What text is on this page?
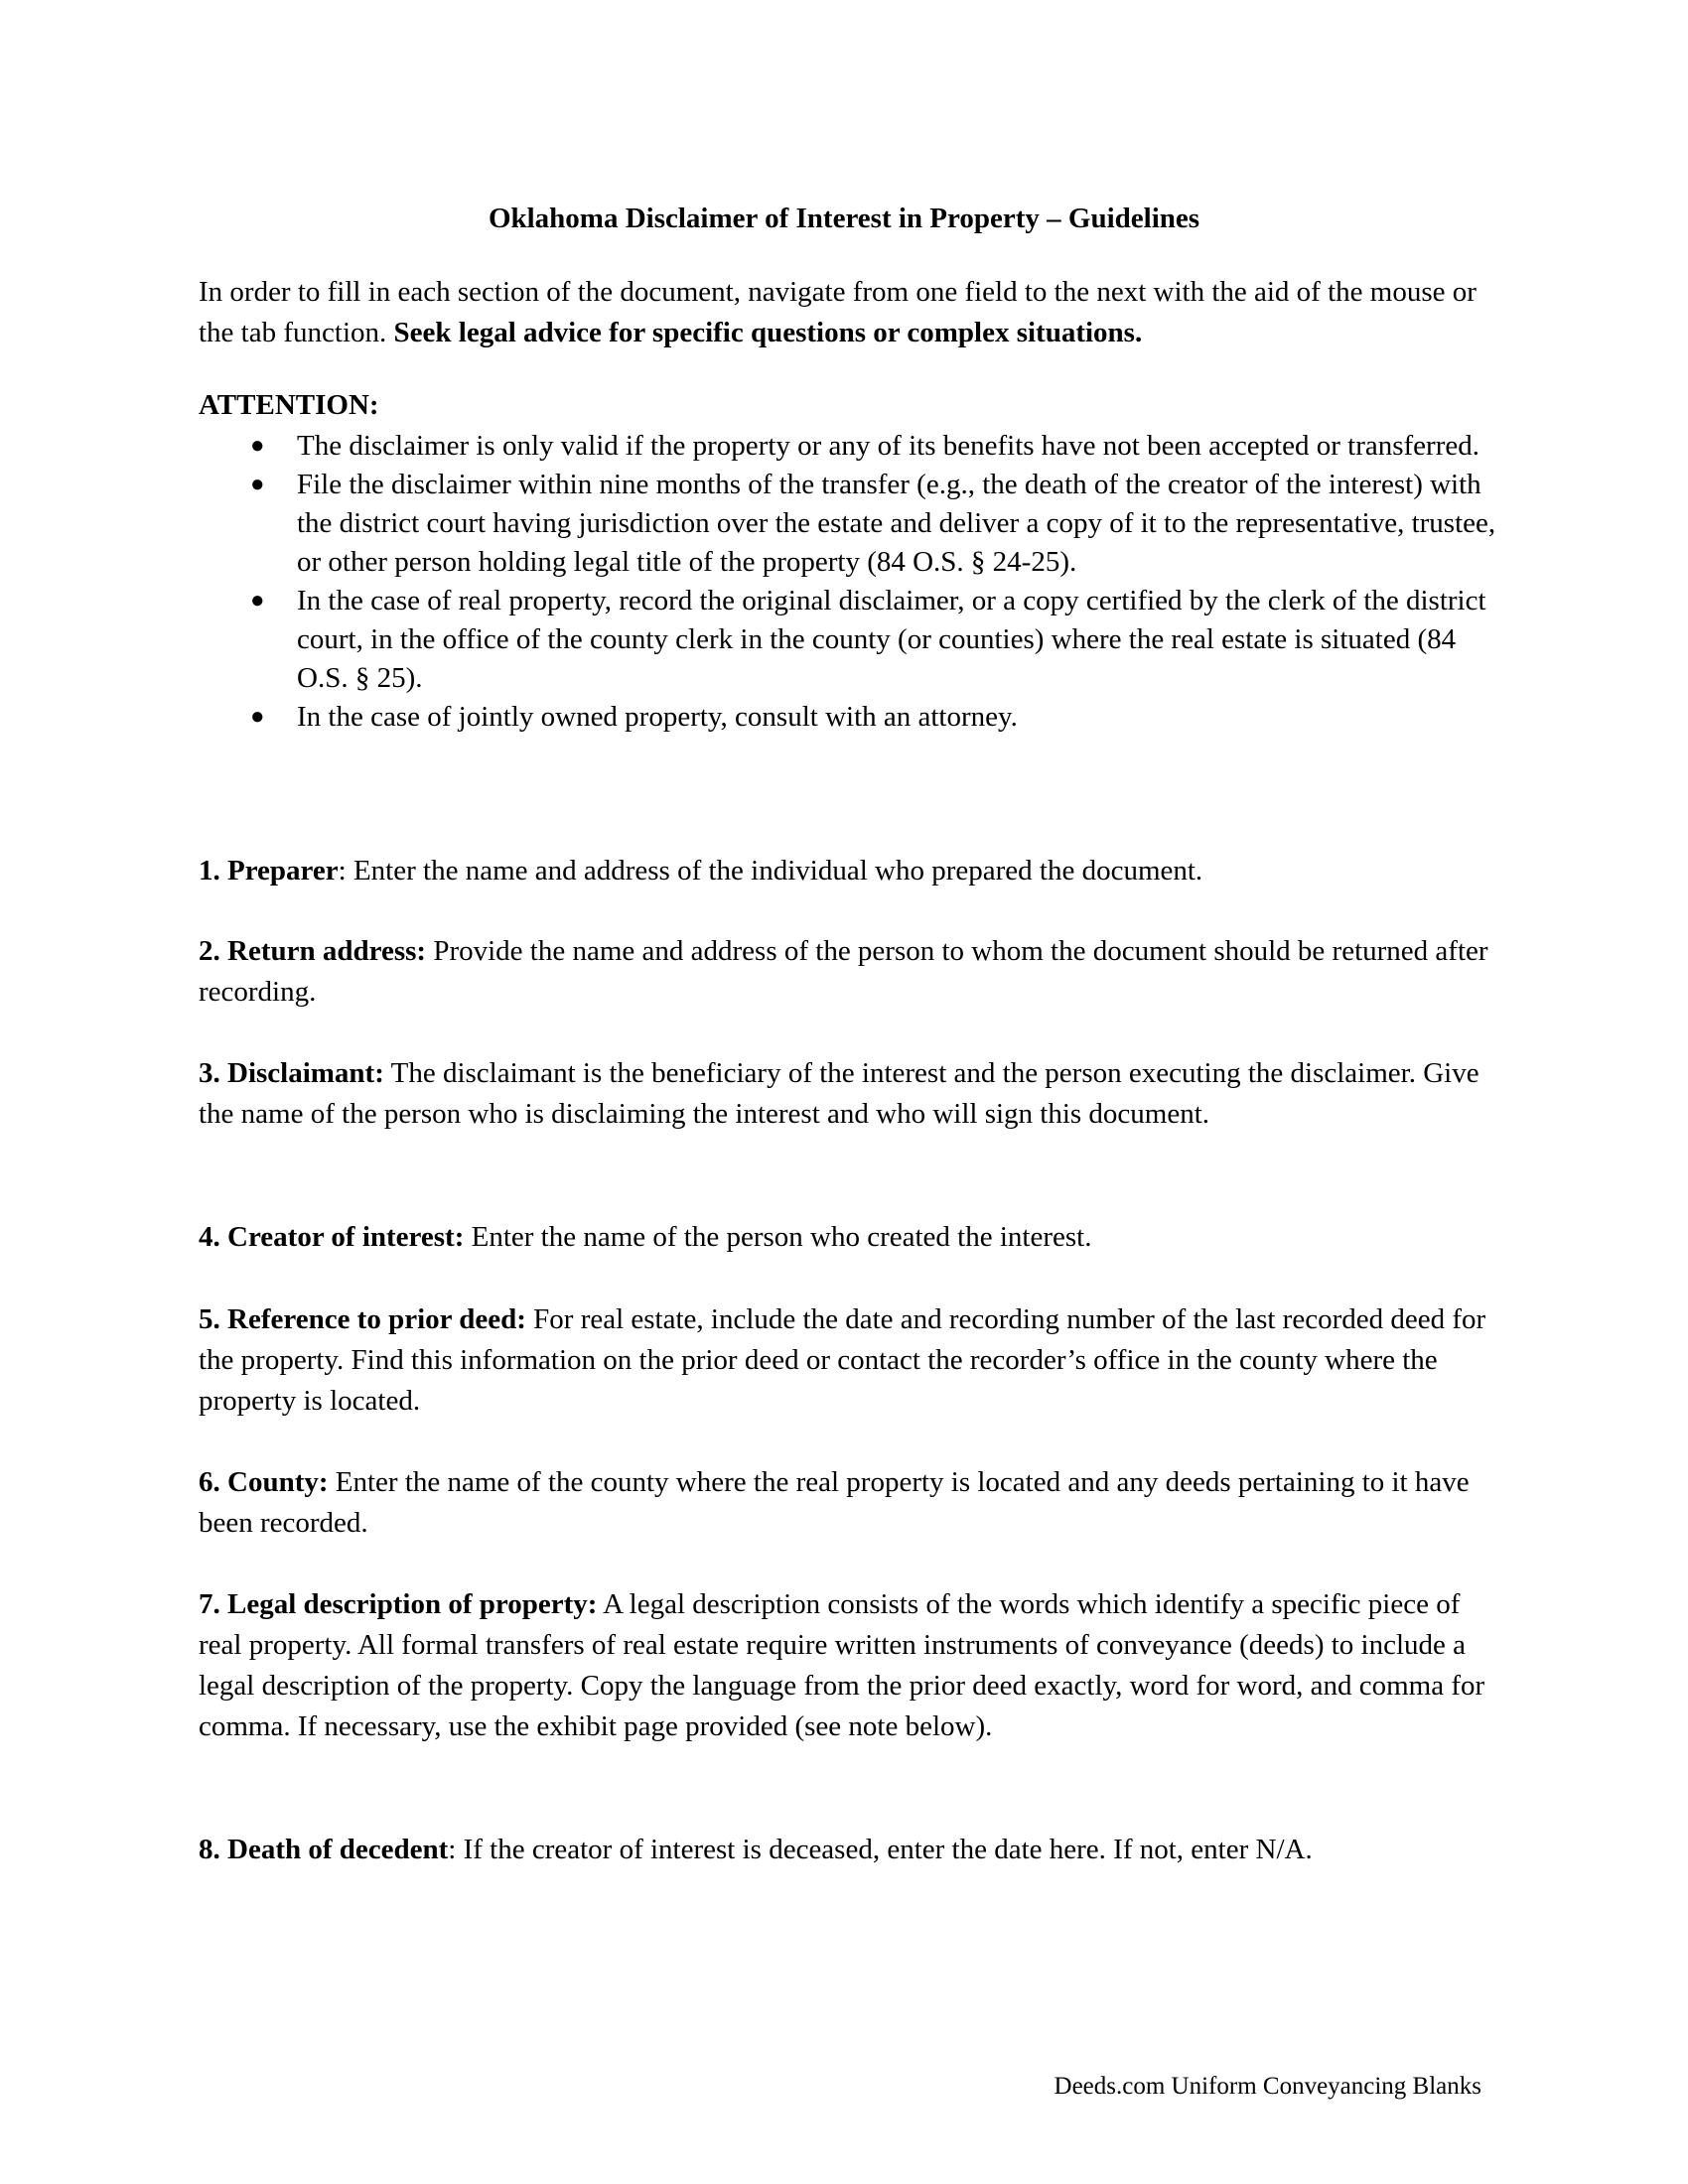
Oklahoma Disclaimer of Interest in Property – Guidelines
In order to fill in each section of the document, navigate from one field to the next with the aid of the mouse or the tab function. Seek legal advice for specific questions or complex situations.
ATTENTION:
● The disclaimer is only valid if the property or any of its benefits have not been accepted or transferred.
● File the disclaimer within nine months of the transfer (e.g., the death of the creator of the interest) with the district court having jurisdiction over the estate and deliver a copy of it to the representative, trustee, or other person holding legal title of the property (84 O.S. § 24-25).
● In the case of real property, record the original disclaimer, or a copy certified by the clerk of the district court, in the office of the county clerk in the county (or counties) where the real estate is situated (84 O.S. § 25).
● In the case of jointly owned property, consult with an attorney.
1. Preparer: Enter the name and address of the individual who prepared the document.
2. Return address: Provide the name and address of the person to whom the document should be returned after recording.
3. Disclaimant: The disclaimant is the beneficiary of the interest and the person executing the disclaimer. Give the name of the person who is disclaiming the interest and who will sign this document.
4. Creator of interest: Enter the name of the person who created the interest.
5. Reference to prior deed: For real estate, include the date and recording number of the last recorded deed for the property. Find this information on the prior deed or contact the recorder’s office in the county where the property is located.
6. County: Enter the name of the county where the real property is located and any deeds pertaining to it have been recorded.
7. Legal description of property: A legal description consists of the words which identify a specific piece of real property. All formal transfers of real estate require written instruments of conveyance (deeds) to include a legal description of the property. Copy the language from the prior deed exactly, word for word, and comma for comma. If necessary, use the exhibit page provided (see note below).
8. Death of decedent: If the creator of interest is deceased, enter the date here. If not, enter N/A.
Deeds.com Uniform Conveyancing Blanks
